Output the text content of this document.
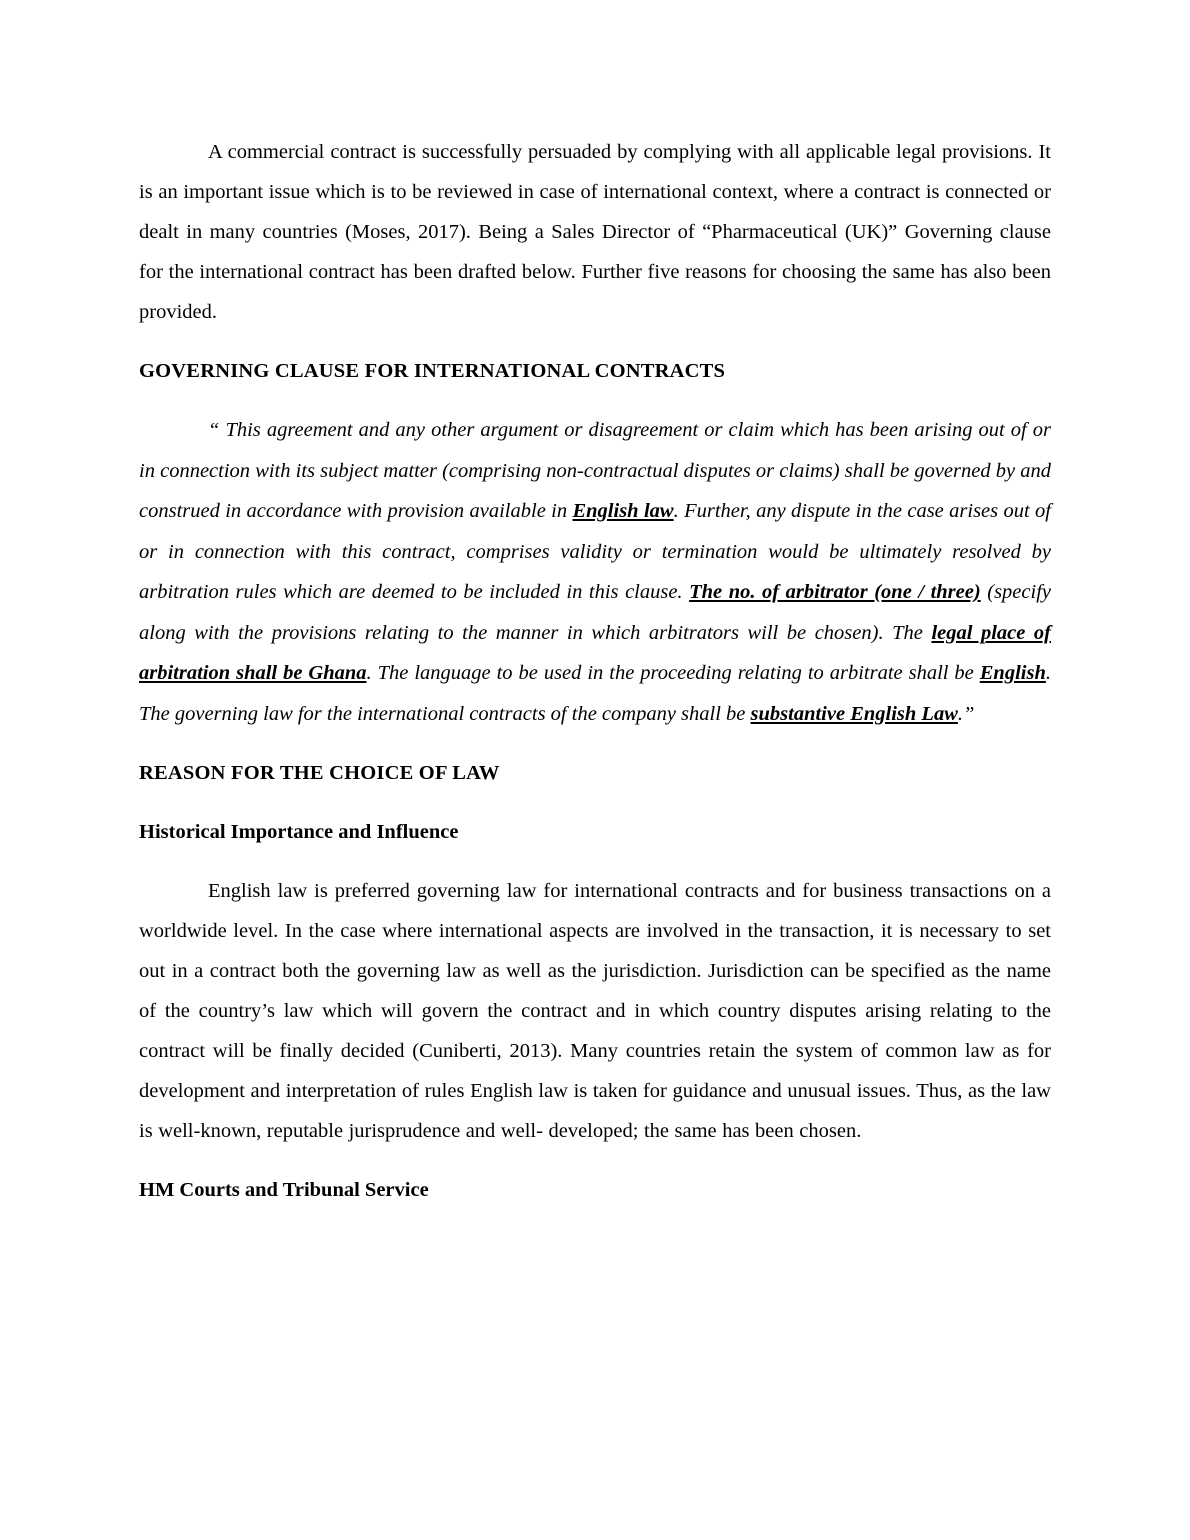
A commercial contract is successfully persuaded by complying with all applicable legal provisions. It is an important issue which is to be reviewed in case of international context, where a contract is connected or dealt in many countries (Moses, 2017). Being a Sales Director of “Pharmaceutical (UK)” Governing clause for the international contract has been drafted below. Further five reasons for choosing the same has also been provided.

GOVERNING CLAUSE FOR INTERNATIONAL CONTRACTS

“ This agreement and any other argument or disagreement or claim which has been arising out of or in connection with its subject matter (comprising non-contractual disputes or claims) shall be governed by and construed in accordance with provision available in English law. Further, any dispute in the case arises out of or in connection with this contract, comprises validity or termination would be ultimately resolved by arbitration rules which are deemed to be included in this clause. The no. of arbitrator (one / three) (specify along with the provisions relating to the manner in which arbitrators will be chosen). The legal place of arbitration shall be Ghana. The language to be used in the proceeding relating to arbitrate shall be English. The governing law for the international contracts of the company shall be substantive English Law.”

REASON FOR THE CHOICE OF LAW
Historical Importance and Influence

English law is preferred governing law for international contracts and for business transactions on a worldwide level. In the case where international aspects are involved in the transaction, it is necessary to set out in a contract both the governing law as well as the jurisdiction. Jurisdiction can be specified as the name of the country’s law which will govern the contract and in which country disputes arising relating to the contract will be finally decided (Cuniberti, 2013). Many countries retain the system of common law as for development and interpretation of rules English law is taken for guidance and unusual issues. Thus, as the law is well-known, reputable jurisprudence and well- developed; the same has been chosen.

HM Courts and Tribunal Service
